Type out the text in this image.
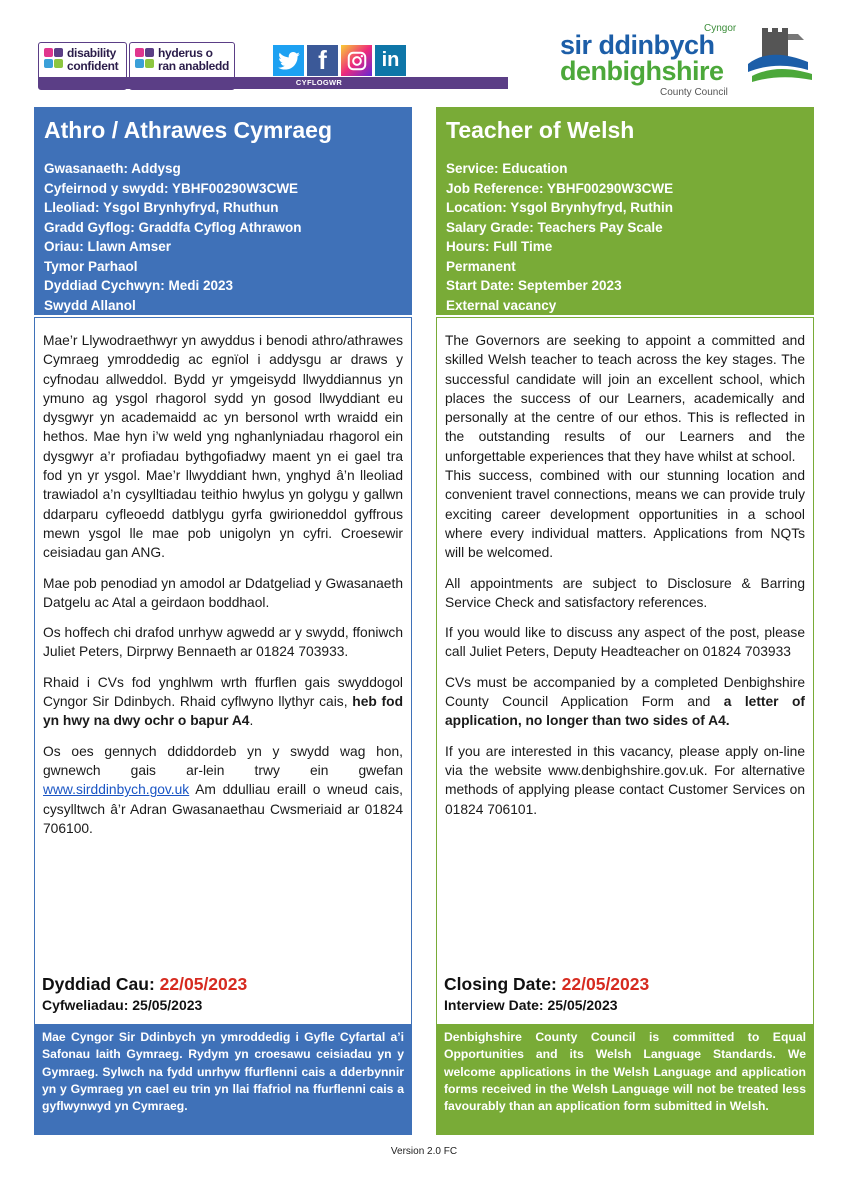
disability
confident
hyderus o
ran anabledd
CYFLOGWR
f	in
Cyngor
sir ddinbych
denbighshire
County Council
Athro / Athrawes Cymraeg
Gwasanaeth: Addysg
Cyfeirnod y swydd: YBHF00290W3CWE
Lleoliad: Ysgol Brynhyfryd, Rhuthun
Gradd Gyflog: Graddfa Cyflog Athrawon
Oriau: Llawn Amser
Tymor Parhaol
Dyddiad Cychwyn: Medi 2023
Swydd Allanol

Mae’r Llywodraethwyr yn awyddus i benodi athro/athrawes Cymraeg ymroddedig ac egnïol i addysgu ar draws y cyfnodau allweddol. Bydd yr ymgeisydd llwyddiannus yn ymuno ag ysgol rhagorol sydd yn gosod llwyddiant eu dysgwyr yn academaidd ac yn bersonol wrth wraidd ein hethos. Mae hyn i’w weld yng nghanlyniadau rhagorol ein dysgwyr a’r profiadau bythgofiadwy maent yn ei gael tra fod yn yr ysgol. Mae’r llwyddiant hwn, ynghyd â’n lleoliad trawiadol a’n cysylltiadau teithio hwylus yn golygu y gallwn ddarparu cyfleoedd datblygu gyrfa gwirioneddol gyffrous mewn ysgol lle mae pob unigolyn yn cyfri. Croesewir ceisiadau gan ANG.

Mae pob penodiad yn amodol ar Ddatgeliad y Gwasanaeth Datgelu ac Atal a geirdaon boddhaol.

Os hoffech chi drafod unrhyw agwedd ar y swydd, ffoniwch Juliet Peters, Dirprwy Bennaeth ar 01824 703933.

Rhaid i CVs fod ynghlwm wrth ffurflen gais swyddogol Cyngor Sir Ddinbych. Rhaid cyflwyno llythyr cais, heb fod yn hwy na dwy ochr o bapur A4.

Os oes gennych ddiddordeb yn y swydd wag hon, gwnewch gais ar-lein trwy ein gwefan www.sirddinbych.gov.uk Am ddulliau eraill o wneud cais, cysylltwch â’r Adran Gwasanaethau Cwsmeriaid ar 01824 706100.

Dyddiad Cau: 22/05/2023
Cyfweliadau: 25/05/2023
Mae Cyngor Sir Ddinbych yn ymroddedig i Gyfle Cyfartal a’i Safonau Iaith Gymraeg. Rydym yn croesawu ceisiadau yn y Gymraeg. Sylwch na fydd unrhyw ffurflenni cais a dderbynnir yn y Gymraeg yn cael eu trin yn llai ffafriol na ffurflenni cais a gyflwynwyd yn Cymraeg.
Teacher of Welsh
Service: Education
Job Reference: YBHF00290W3CWE
Location: Ysgol Brynhyfryd, Ruthin
Salary Grade: Teachers Pay Scale
Hours: Full Time
Permanent
Start Date: September 2023
External vacancy

The Governors are seeking to appoint a committed and skilled Welsh teacher to teach across the key stages. The successful candidate will join an excellent school, which places the success of our Learners, academically and personally at the centre of our ethos. This is reflected in the outstanding results of our Learners and the unforgettable experiences that they have whilst at school.

This success, combined with our stunning location and convenient travel connections, means we can provide truly exciting career development opportunities in a school where every individual matters. Applications from NQTs will be welcomed.

All appointments are subject to Disclosure & Barring Service Check and satisfactory references.

If you would like to discuss any aspect of the post, please call Juliet Peters, Deputy Headteacher on 01824 703933

CVs must be accompanied by a completed Denbighshire County Council Application Form and a letter of application, no longer than two sides of A4.

If you are interested in this vacancy, please apply on-line via the website www.denbighshire.gov.uk. For alternative methods of applying please contact Customer Services on 01824 706101.

Closing Date: 22/05/2023
Interview Date: 25/05/2023
Denbighshire County Council is committed to Equal Opportunities and its Welsh Language Standards. We welcome applications in the Welsh Language and application forms received in the Welsh Language will not be treated less favourably than an application form submitted in Welsh.
Version 2.0 FC
